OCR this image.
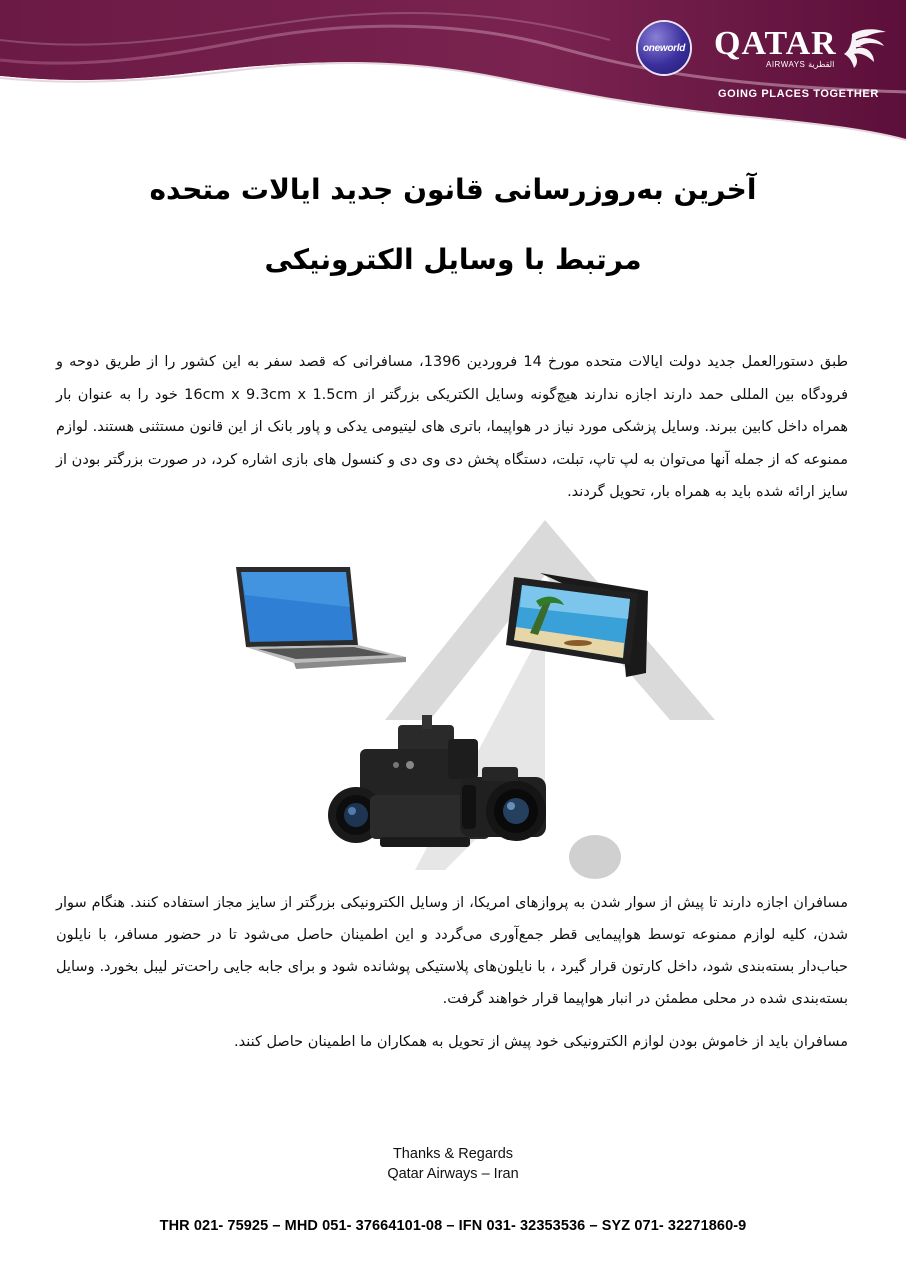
oneworld QATAR
AIRWAYS القطرية
GOING PLACES TOGETHER
آخرین به‌روزرسانی قانون جدید ایالات متحده
مرتبط با وسایل الکترونیکی

طبق دستورالعمل جدید دولت ایالات متحده مورخ 14 فروردین 1396، مسافرانی که قصد سفر به این کشور را از طریق دوحه و فرودگاه بین المللی حمد دارند اجازه ندارند هیچ‌گونه وسایل الکتریکی بزرگتر از 16cm x 9.3cm x 1.5cm خود را به عنوان بار همراه داخل کابین ببرند. وسایل پزشکی مورد نیاز در هواپیما، باتری های لیتیومی یدکی و پاور بانک از این قانون مستثنی هستند. لوازم ممنوعه که از جمله آنها می‌توان به لپ تاپ، تبلت، دستگاه پخش دی وی دی و کنسول های بازی اشاره کرد، در صورت بزرگتر بودن از سایز ارائه شده باید به همراه بار، تحویل گردند.

مسافران اجازه دارند تا پیش از سوار شدن به پروازهای امریکا، از وسایل الکترونیکی بزرگتر از سایز مجاز استفاده کنند. هنگام سوار شدن، کلیه لوازم ممنوعه توسط هواپیمایی قطر جمع‌آوری می‌گردد و این اطمینان حاصل می‌شود تا در حضور مسافر، با نایلون حباب‌دار بسته‌بندی شود، داخل کارتون قرار گیرد ، با نایلون‌های پلاستیکی پوشانده شود و برای جابه جایی راحت‌تر لیبل بخورد. وسایل بسته‌بندی شده در محلی مطمئن در انبار هواپیما قرار خواهند گرفت.

مسافران باید از خاموش بودن لوازم الکترونیکی خود پیش از تحویل به همکاران ما اطمینان حاصل کنند.

Thanks & Regards
Qatar Airways – Iran
THR 021- 75925 – MHD 051- 37664101-08 – IFN 031- 32353536 – SYZ 071- 32271860-9
